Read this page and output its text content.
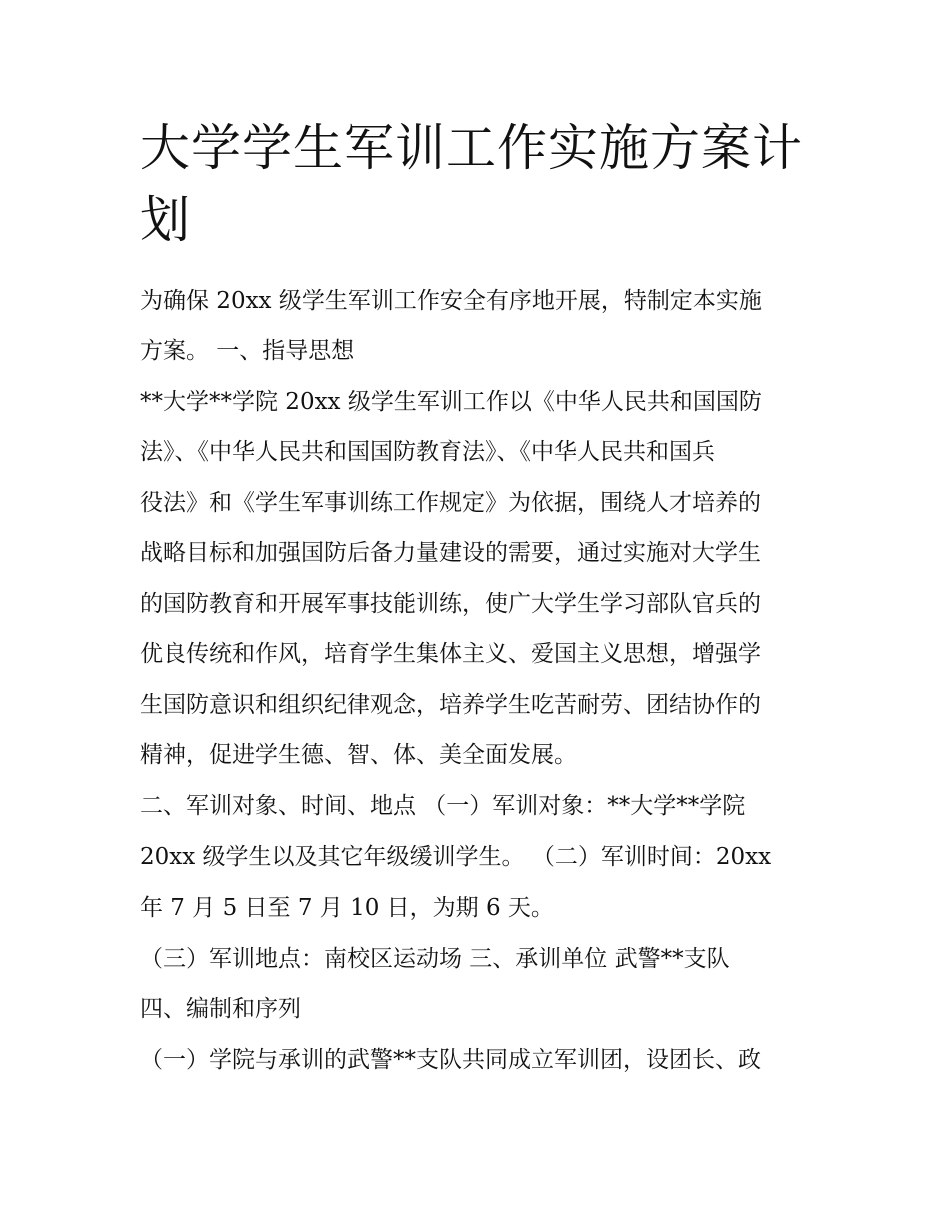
大学学生军训工作实施方案计
划
为确保 20xx 级学生军训工作安全有序地开展，特制定本实施
方案。 一、指导思想
**大学**学院 20xx 级学生军训工作以《中华人民共和国国防
法》、《中华人民共和国国防教育法》、《中华人民共和国兵
役法》和《学生军事训练工作规定》为依据，围绕人才培养的
战略目标和加强国防后备力量建设的需要，通过实施对大学生
的国防教育和开展军事技能训练，使广大学生学习部队官兵的
优良传统和作风，培育学生集体主义、爱国主义思想，增强学
生国防意识和组织纪律观念，培养学生吃苦耐劳、团结协作的
精神，促进学生德、智、体、美全面发展。
二、军训对象、时间、地点 （一）军训对象：**大学**学院
20xx 级学生以及其它年级缓训学生。 （二）军训时间：20xx
年 7 月 5 日至 7 月 10 日，为期 6 天。
（三）军训地点：南校区运动场 三、承训单位 武警**支队
四、编制和序列
（一）学院与承训的武警**支队共同成立军训团，设团长、政
